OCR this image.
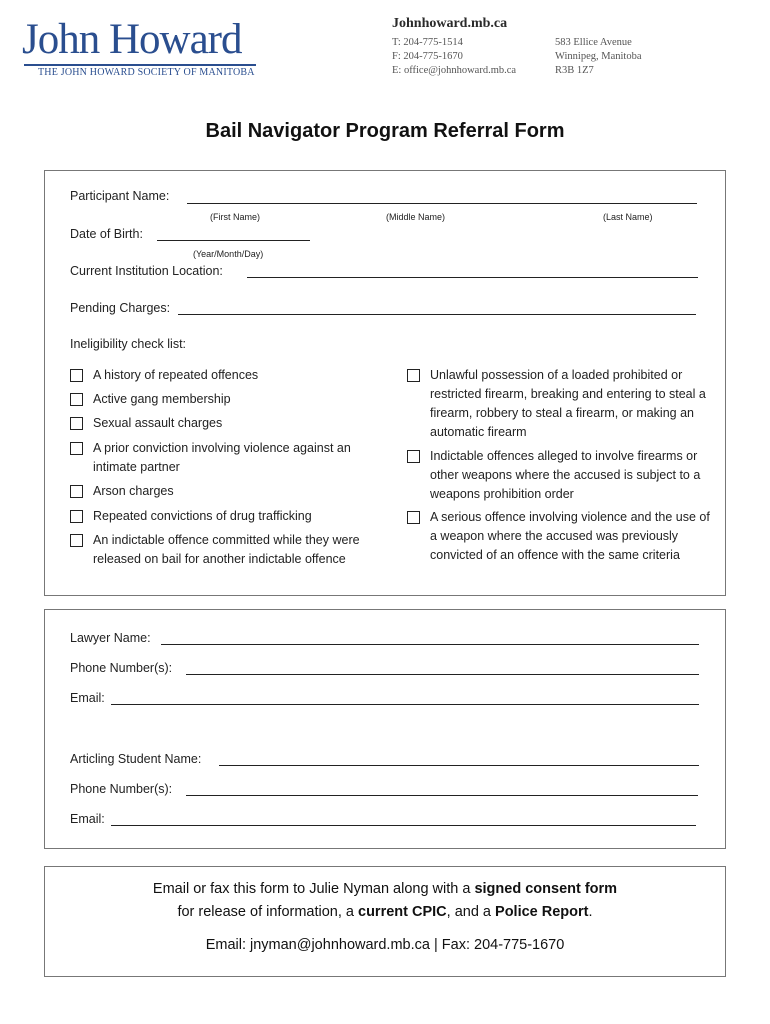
John Howard
THE JOHN HOWARD SOCIETY OF MANITOBA
Johnhoward.mb.ca
T: 204-775-1514
F: 204-775-1670
E: office@johnhoward.mb.ca
583 Ellice Avenue
Winnipeg, Manitoba
R3B 1Z7
Bail Navigator Program Referral Form
Participant Name:
(First Name)	(Middle Name)	(Last Name)
Date of Birth:
(Year/Month/Day)
Current Institution Location:
Pending Charges:
Ineligibility check list:
A history of repeated offences
Active gang membership
Sexual assault charges
A prior conviction involving violence against an intimate partner
Arson charges
Repeated convictions of drug trafficking
An indictable offence committed while they were released on bail for another indictable offence
Unlawful possession of a loaded prohibited or restricted firearm, breaking and entering to steal a firearm, robbery to steal a firearm, or making an automatic firearm
Indictable offences alleged to involve firearms or other weapons where the accused is subject to a weapons prohibition order
A serious offence involving violence and the use of a weapon where the accused was previously convicted of an offence with the same criteria
Lawyer Name:
Phone Number(s):
Email:
Articling Student Name:
Phone Number(s):
Email:
Email or fax this form to Julie Nyman along with a signed consent form
for release of information, a current CPIC, and a Police Report.
Email: jnyman@johnhoward.mb.ca | Fax: 204-775-1670
